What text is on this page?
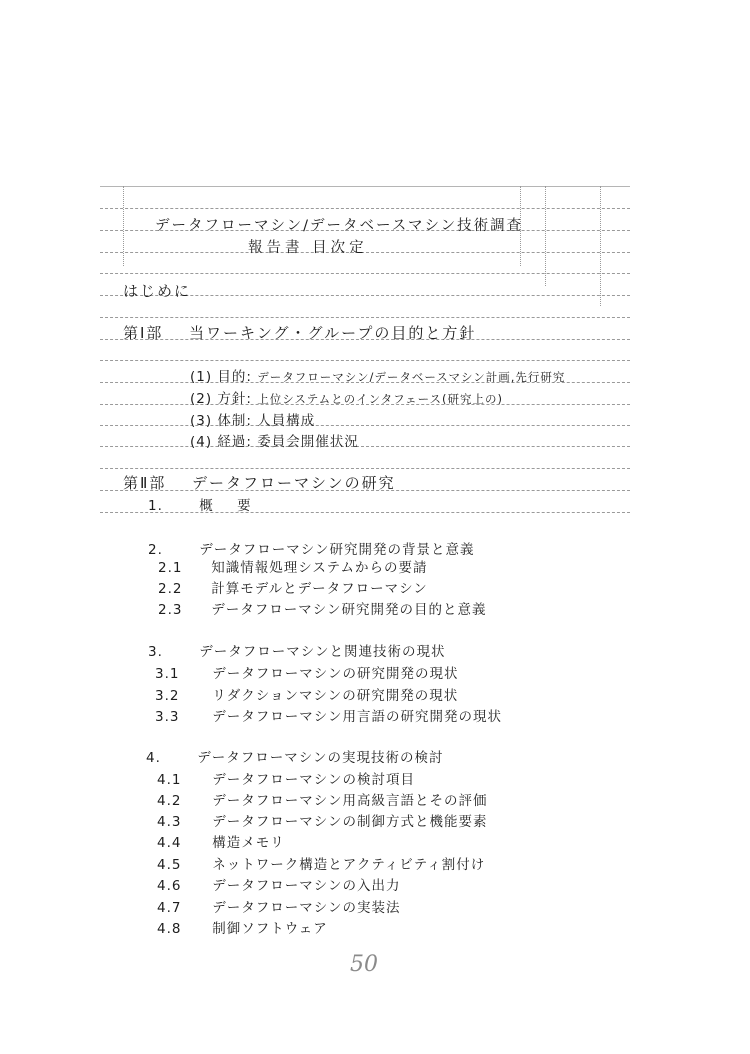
データフローマシン/データベースマシン技術調査
報告書 目次定
はじめに
第Ⅰ部 当ワーキング・グループの目的と方針
(1) 目的: データフローマシン/データベースマシン計画,先行研究
(2) 方針: 上位システムとのインタフェース(研究上の)
(3) 体制: 人員構成
(4) 経過: 委員会開催状況
第Ⅱ部 データフローマシンの研究
1.	概 要
2.	データフローマシン研究開発の背景と意義
2.1 知識情報処理システムからの要請
2.2 計算モデルとデータフローマシン
2.3 データフローマシン研究開発の目的と意義
3.	データフローマシンと関連技術の現状
3.1 データフローマシンの研究開発の現状
3.2 リダクションマシンの研究開発の現状
3.3 データフローマシン用言語の研究開発の現状
4.	データフローマシンの実現技術の検討
4.1 データフローマシンの検討項目
4.2 データフローマシン用高級言語とその評価
4.3 データフローマシンの制御方式と機能要素
4.4 構造メモリ
4.5 ネットワーク構造とアクティビティ割付け
4.6 データフローマシンの入出力
4.7 データフローマシンの実装法
4.8 制御ソフトウェア
50
